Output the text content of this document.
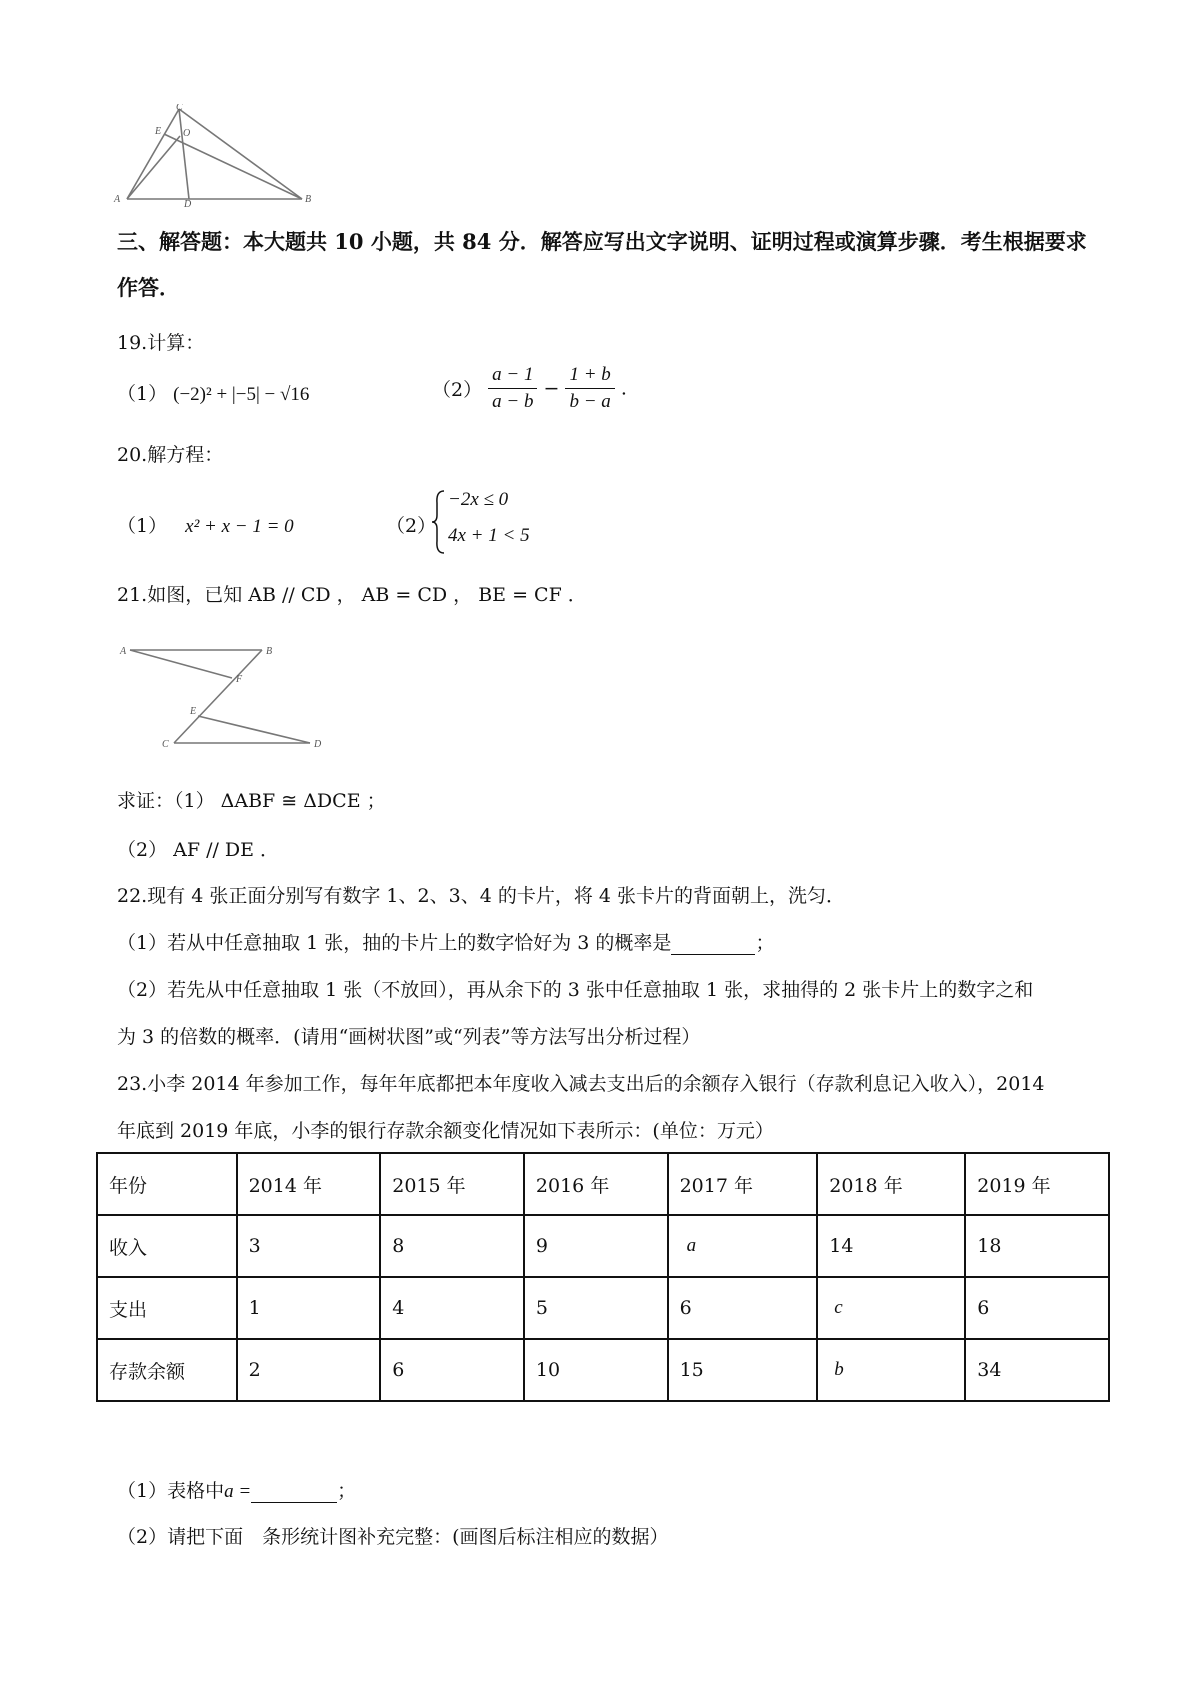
C
E O
A	B
D
三、解答题：本大题共 10 小题，共 84 分．解答应写出文字说明、证明过程或演算步骤．考生根据要求作答．
19.计算：
（1） (−2)² + |−5| − √16	$(2) \frac{a - 1}{a - b} - \frac{1 + b}{b - a}$ .
20.解方程：
（1） x² + x − 1 = 0	（2）
−2x ≤ 0
4x + 1 < 5
21.如图，已知 AB // CD ， AB = CD ， BE = CF ．
A	B
F
E
C	D
求证：（1） ΔABF ≅ ΔDCE ；
（2） AF // DE ．
22.现有 4 张正面分别写有数字 1、2、3、4 的卡片，将 4 张卡片的背面朝上，洗匀．
（1）若从中任意抽取 1 张，抽的卡片上的数字恰好为 3 的概率是	；
（2）若先从中任意抽取 1 张（不放回），再从余下的 3 张中任意抽取 1 张，求抽得的 2 张卡片上的数字之和
为 3 的倍数的概率．(请用“画树状图”或“列表”等方法写出分析过程）
23.小李 2014 年参加工作，每年年底都把本年度收入减去支出后的余额存入银行（存款利息记入收入），2014
年底到 2019 年底，小李的银行存款余额变化情况如下表所示：(单位：万元）
年份	2014 年	2015 年	2016 年	2017 年	2018 年	2019 年
收入	3	8	9	a	14	18
支出	1	4	5	6	c	6
存款余额	2	6	10	15	b	34
（1）表格中a =	；
（2）请把下面　条形统计图补充完整：(画图后标注相应的数据）
